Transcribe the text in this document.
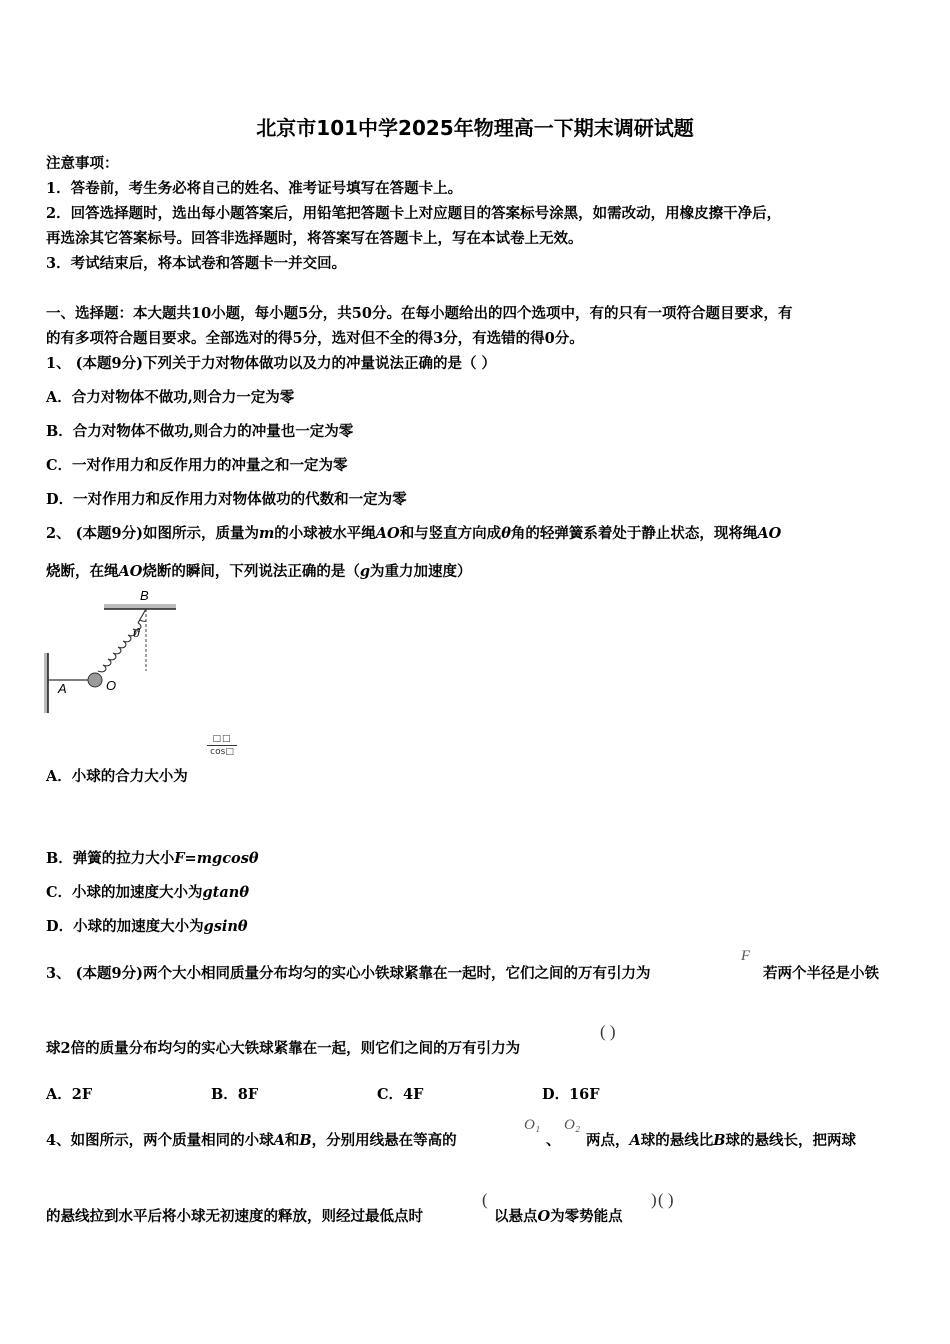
北京市101中学2025年物理高一下期末调研试题
注意事项：
1．答卷前，考生务必将自己的姓名、准考证号填写在答题卡上。
2．回答选择题时，选出每小题答案后，用铅笔把答题卡上对应题目的答案标号涂黑，如需改动，用橡皮擦干净后，
再选涂其它答案标号。回答非选择题时，将答案写在答题卡上，写在本试卷上无效。
3．考试结束后，将本试卷和答题卡一并交回。
一、选择题：本大题共10小题，每小题5分，共50分。在每小题给出的四个选项中，有的只有一项符合题目要求，有
的有多项符合题目要求。全部选对的得5分，选对但不全的得3分，有选错的得0分。
1、 (本题9分)下列关于力对物体做功以及力的冲量说法正确的是（ ）
A．合力对物体不做功,则合力一定为零
B．合力对物体不做功,则合力的冲量也一定为零
C．一对作用力和反作用力的冲量之和一定为零
D．一对作用力和反作用力对物体做功的代数和一定为零
2、 (本题9分)如图所示，质量为m的小球被水平绳AO和与竖直方向成θ角的轻弹簧系着处于静止状态，现将绳AO
烧断，在绳AO烧断的瞬间，下列说法正确的是（g为重力加速度）
B
ϑ
A	O
□□
cos□
A．小球的合力大小为
B．弹簧的拉力大小F=mgcosθ
C．小球的加速度大小为gtanθ
D．小球的加速度大小为gsinθ
3、 (本题9分)两个大小相同质量分布均匀的实心小铁球紧靠在一起时，它们之间的万有引力为
F
若两个半径是小铁
球2倍的质量分布均匀的实心大铁球紧靠在一起，则它们之间的万有引力为
( )
A．2F	B．8F	C．4F	D．16F
4、如图所示，两个质量相同的小球A和B，分别用线悬在等高的
O₁
、
O₂
两点，A球的悬线比B球的悬线长，把两球
的悬线拉到水平后将小球无初速度的释放，则经过最低点时
(
以悬点O为零势能点
) ( )
